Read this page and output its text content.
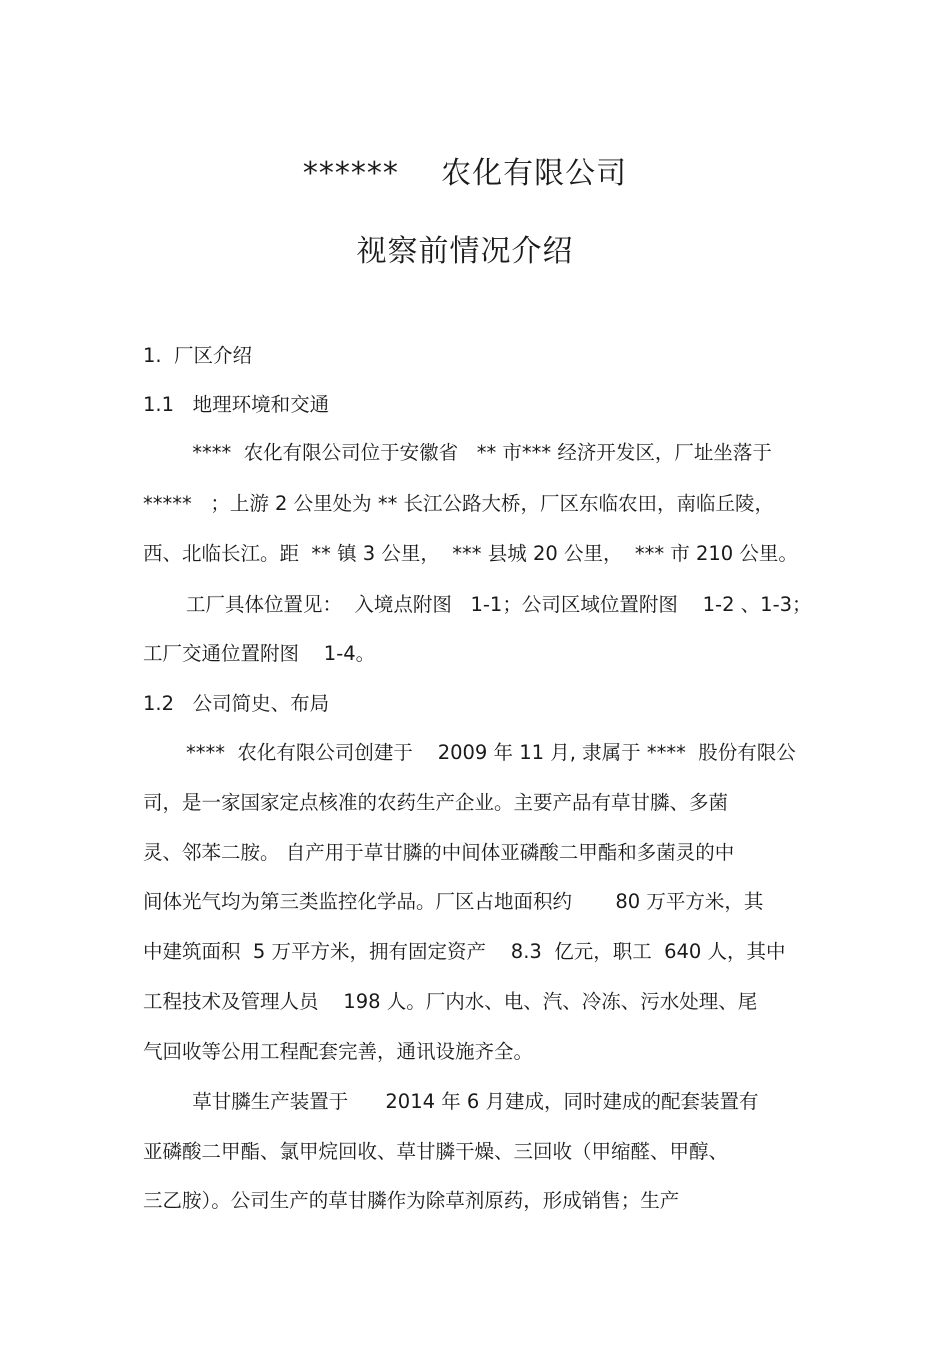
******    农化有限公司
视察前情况介绍
1.  厂区介绍
1.1   地理环境和交通
****  农化有限公司位于安徽省   ** 市*** 经济开发区，厂址坐落于
*****   ；上游 2 公里处为 ** 长江公路大桥，厂区东临农田，南临丘陵，
西、北临长江。距  ** 镇 3 公里，  *** 县城 20 公里，  *** 市 210 公里。
工厂具体位置见：  入境点附图   1-1；公司区域位置附图    1-2 、1-3；
工厂交通位置附图    1-4。
1.2   公司简史、布局
****  农化有限公司创建于    2009 年 11 月, 隶属于 ****  股份有限公
司，是一家国家定点核准的农药生产企业。主要产品有草甘膦、多菌
灵、邻苯二胺。 自产用于草甘膦的中间体亚磷酸二甲酯和多菌灵的中
间体光气均为第三类监控化学品。厂区占地面积约       80 万平方米，其
中建筑面积  5 万平方米，拥有固定资产    8.3  亿元，职工  640 人，其中
工程技术及管理人员    198 人。厂内水、电、汽、冷冻、污水处理、尾
气回收等公用工程配套完善，通讯设施齐全。
草甘膦生产装置于      2014 年 6 月建成，同时建成的配套装置有
亚磷酸二甲酯、氯甲烷回收、草甘膦干燥、三回收（甲缩醛、甲醇、
三乙胺）。公司生产的草甘膦作为除草剂原药，形成销售；生产
